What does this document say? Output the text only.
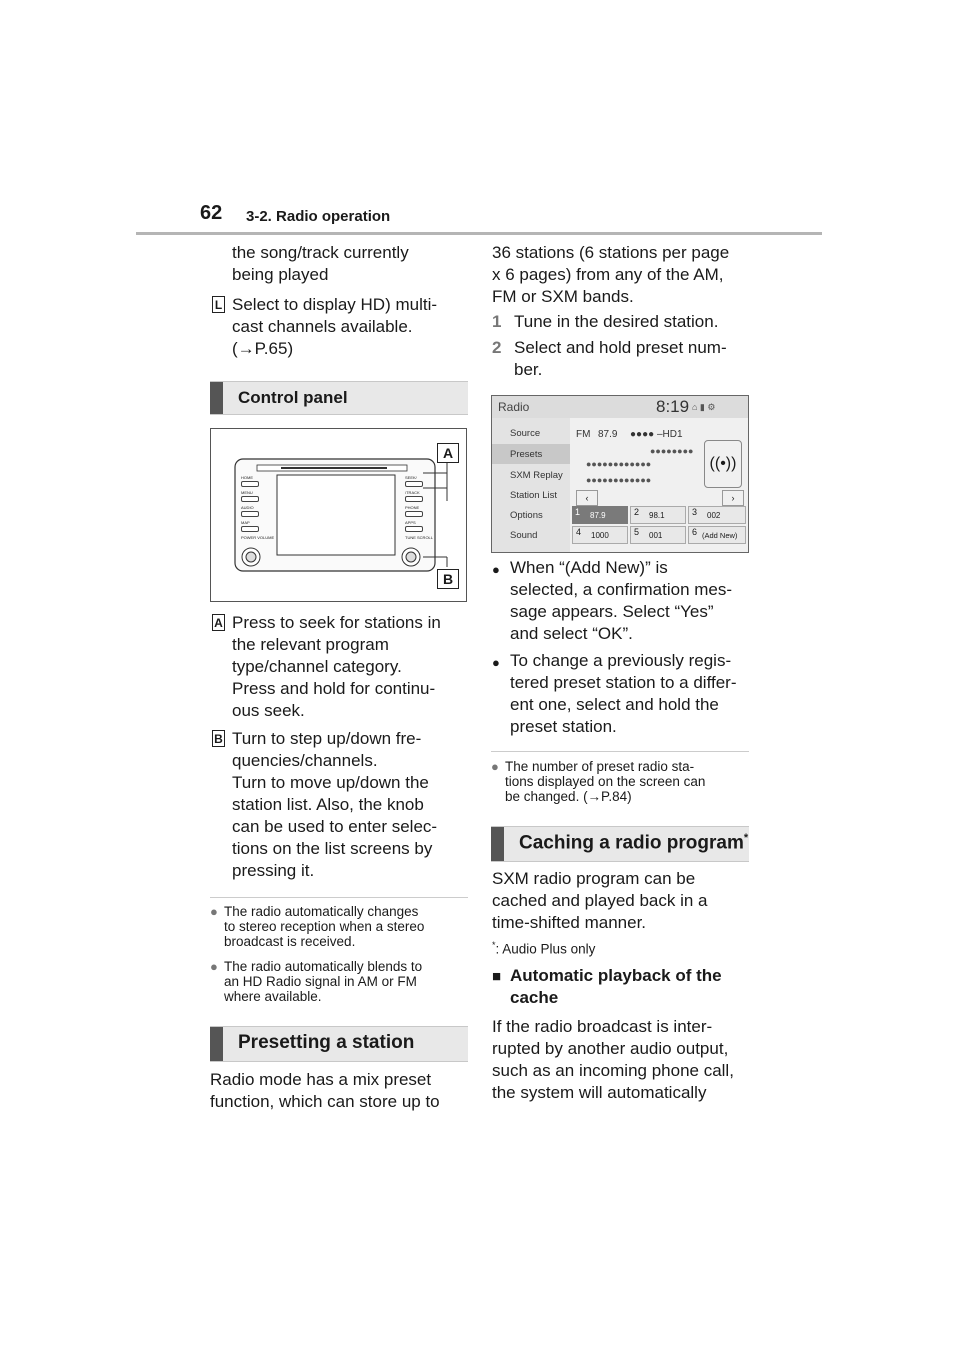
62 3-2. Radio operation
the song/track currently
being played
L Select to display HD) multi-
cast channels available.
(→P.65)
Control panel
HOME
MENU
AUDIO
MAP
POWER VOLUME
SEEK/
/TRACK
PHONE
APPS
TUNE SCROLL
A
B
A Press to seek for stations in
the relevant program
type/channel category.
Press and hold for continu-
ous seek.
B Turn to step up/down fre-
quencies/channels.
Turn to move up/down the
station list. Also, the knob
can be used to enter selec-
tions on the list screens by
pressing it.
● The radio automatically changes
to stereo reception when a stereo
broadcast is received.
● The radio automatically blends to
an HD Radio signal in AM or FM
where available.
Presetting a station
Radio mode has a mix preset
function, which can store up to
36 stations (6 stations per page
x 6 pages) from any of the AM,
FM or SXM bands.
1 Tune in the desired station.
2 Select and hold preset num-
ber.
Radio	8:19 ⌂ ▮ ⚙
Source
Presets
SXM Replay
Station List
Options
Sound
FM 87.9 ●●●● –HD1
●●●●●●●●
●●●●●●●●●●●●
●●●●●●●●●●●●
((•))
‹	›
1 87.9	2 98.1	3 002
4 1000	5 001	6 (Add New)
● When “(Add New)” is
selected, a confirmation mes-
sage appears. Select “Yes”
and select “OK”.
● To change a previously regis-
tered preset station to a differ-
ent one, select and hold the
preset station.
● The number of preset radio sta-
tions displayed on the screen can
be changed. (→P.84)
Caching a radio program*
SXM radio program can be
cached and played back in a
time-shifted manner.
*: Audio Plus only
■ Automatic playback of the
cache
If the radio broadcast is inter-
rupted by another audio output,
such as an incoming phone call,
the system will automatically
